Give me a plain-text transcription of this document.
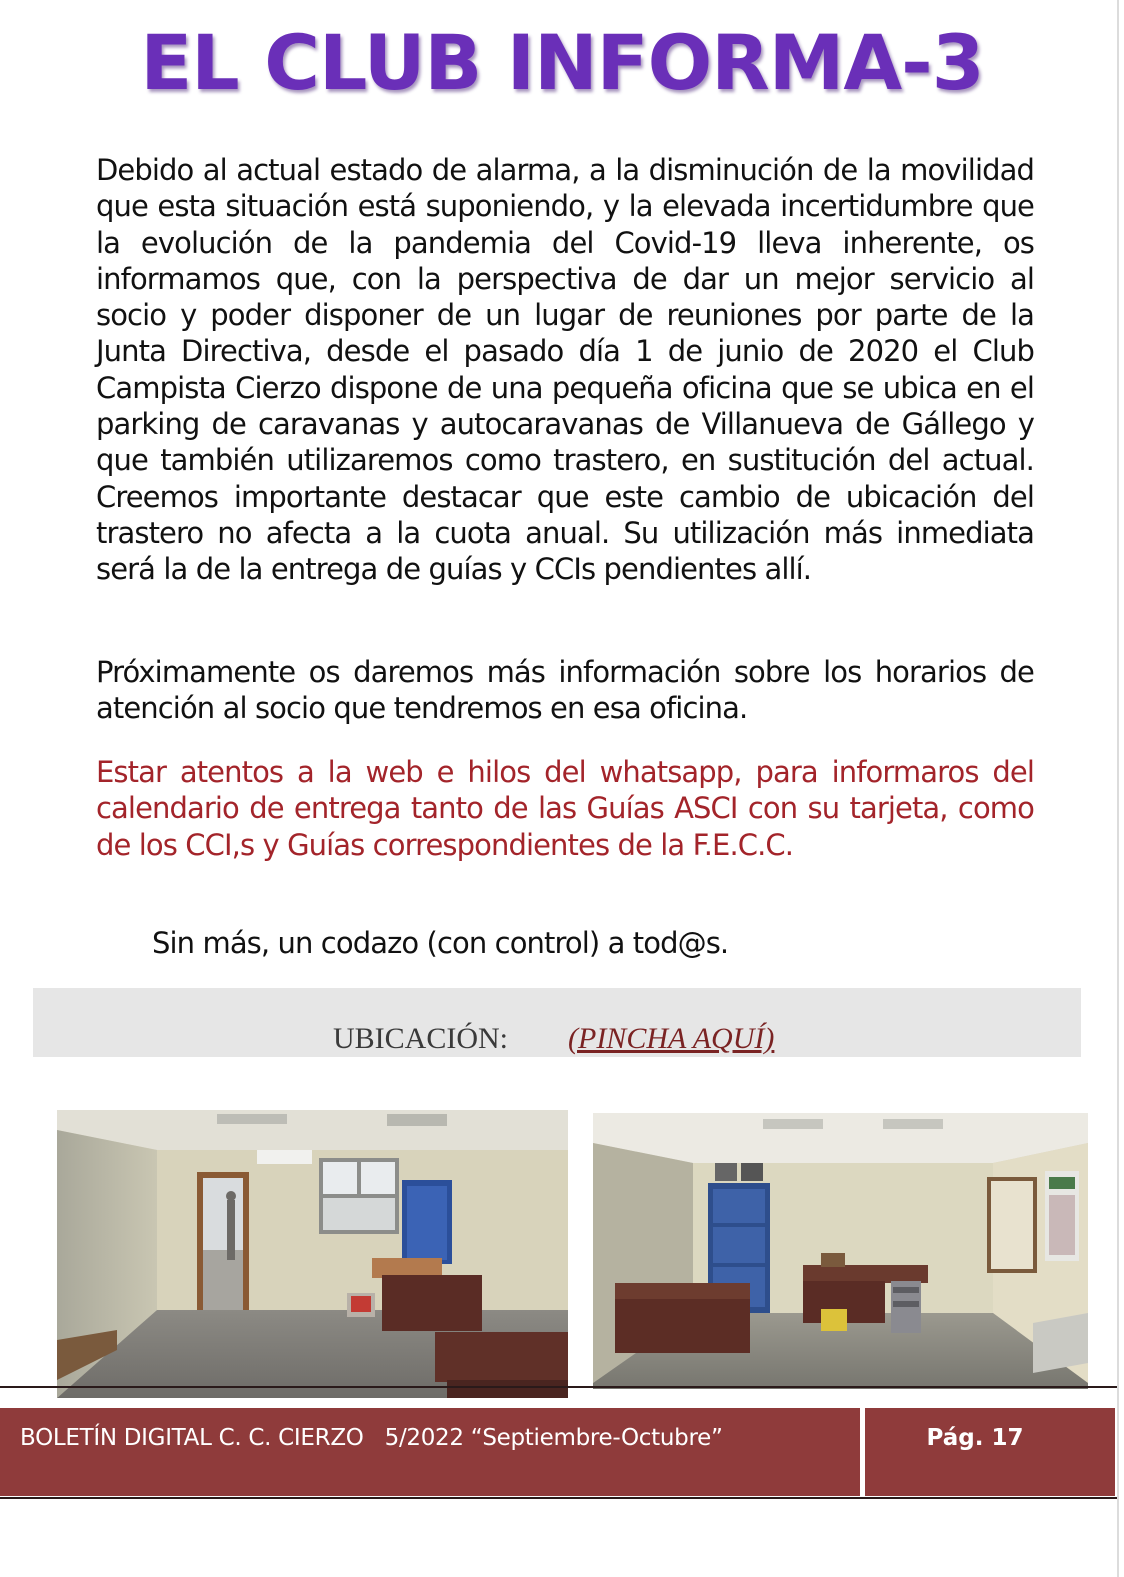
EL CLUB INFORMA-3

Debido al actual estado de alarma, a la disminución de la movilidad que esta situación está suponiendo, y la elevada incertidumbre que la evolución de la pandemia del Covid-19 lleva inherente, os informamos que, con la perspectiva de dar un mejor servicio al socio y poder disponer de un lugar de reuniones por parte de la Junta Directiva, desde el pasado día 1 de junio de 2020 el Club Campista Cierzo dispone de una pequeña oficina que se ubica en el parking de caravanas y autocaravanas de Villanueva de Gállego y que también utilizaremos como trastero, en sustitución del actual. Creemos importante destacar que este cambio de ubicación del trastero no afecta a la cuota anual. Su utilización más inmediata será la de la entrega de guías y CCIs pendientes allí.

Próximamente os daremos más información sobre los horarios de atención al socio que tendremos en esa oficina.

Estar atentos a la web e hilos del whatsapp, para informaros del calendario de entrega tanto de las Guías ASCI con su tarjeta, como de los CCI,s y Guías correspondientes de la F.E.C.C.

Sin más, un codazo (con control) a tod@s.

UBICACIÓN: (PINCHA AQUÍ)
BOLETÍN DIGITAL C. C. CIERZO   5/2022 “Septiembre-Octubre”	Pág. 17
